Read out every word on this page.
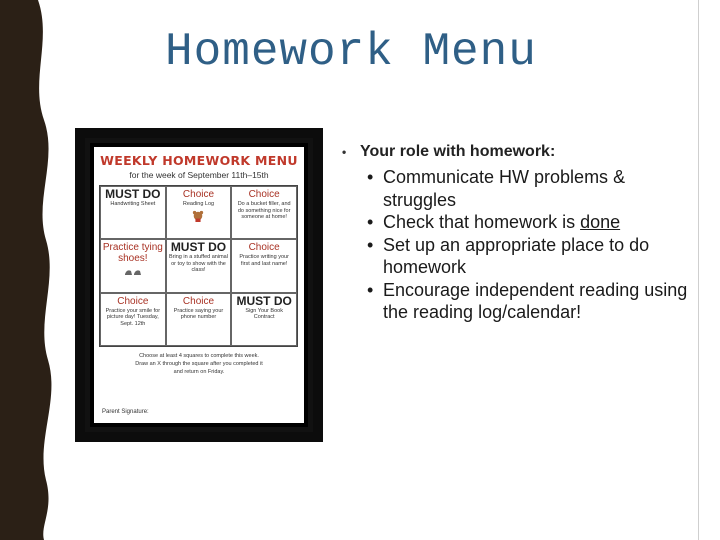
Homework Menu
WEEKLY HOMEWORK MENU
for the week of September 11th–15th
MUST DO
Handwriting Sheet
Choice
Reading Log
Choice
Do a bucket filler, and do something nice for someone at home!
Practice tying shoes!
MUST DO
Bring in a stuffed animal or toy to show with the class!
Choice
Practice writing your first and last name!
Choice
Practice your smile for picture day! Tuesday, Sept. 12th
Choice
Practice saying your phone number
MUST DO
Sign Your Book Contract
Choose at least 4 squares to complete this week.
Draw an X through the square after you completed it
and return on Friday.
Parent Signature:
• Your role with homework:
• Communicate HW problems & struggles
• Check that homework is done
• Set up an appropriate place to do homework
• Encourage independent reading using the reading log/calendar!
